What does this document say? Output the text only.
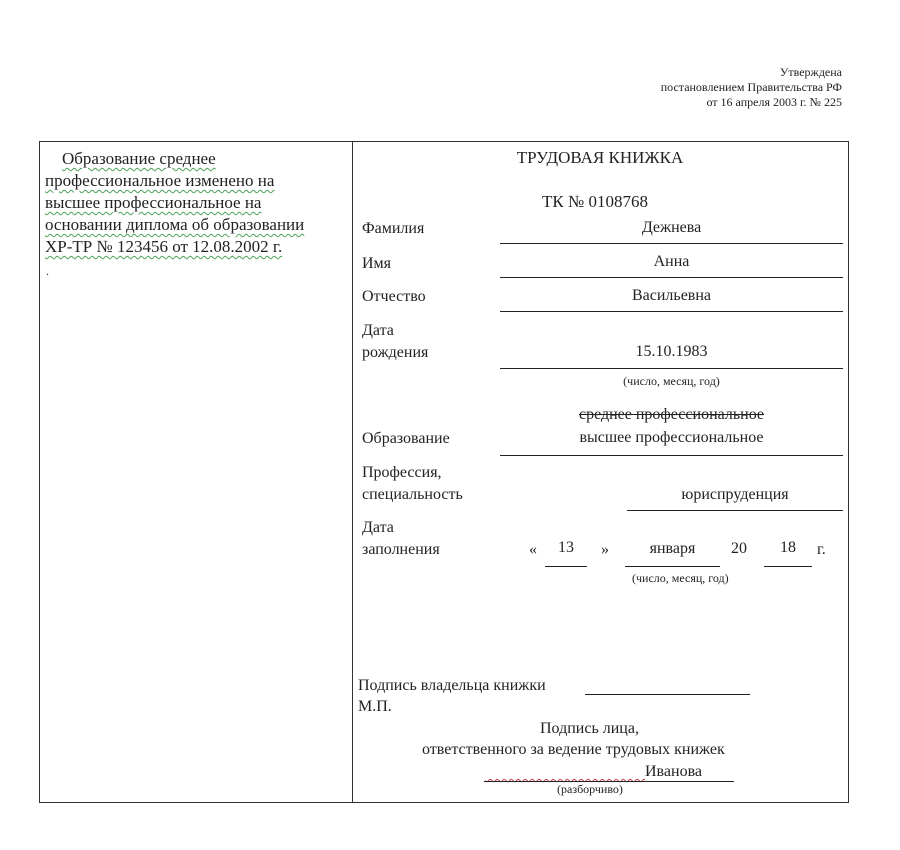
Утверждена
постановлением Правительства РФ
от 16 апреля 2003 г. № 225
Образование среднее
профессиональное изменено на
высшее профессиональное на
основании диплома об образовании
ХР-ТР № 123456 от 12.08.2002 г.
.
ТРУДОВАЯ КНИЖКА
ТК № 0108768
Фамилия	Дежнева
Имя	Анна
Отчество	Васильевна
Дата
рождения	15.10.1983
(число, месяц, год)
Образование
среднее профессиональное
высшее профессиональное
Профессия,
специальность	юриспруденция
Дата
заполнения	«	13	»	января	20	18	г.
(число, месяц, год)
Подпись владельца книжки
М.П.
Подпись лица,
ответственного за ведение трудовых книжек
Иванова
​
(разборчиво)
